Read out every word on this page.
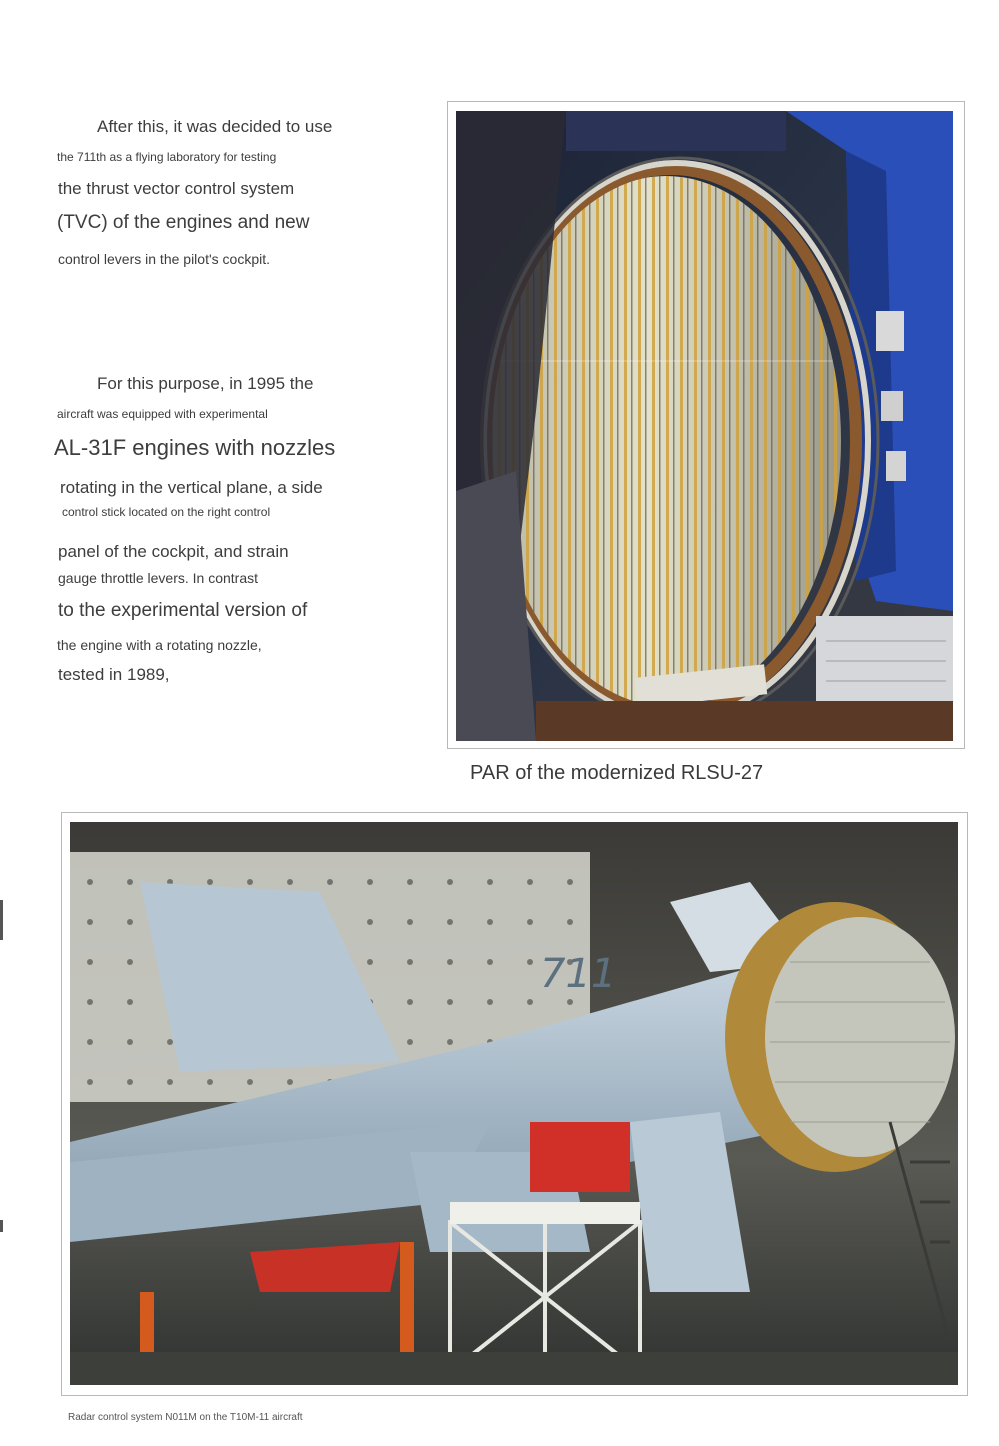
After this, it was decided to use
the 711th as a flying laboratory for testing
the thrust vector control system
(TVC) of the engines and new
control levers in the pilot's cockpit.
For this purpose, in 1995 the
aircraft was equipped with experimental
AL-31F engines with nozzles
rotating in the vertical plane, a side
control stick located on the right control
panel of the cockpit, and strain
gauge throttle levers. In contrast
to the experimental version of
the engine with a rotating nozzle,
tested in 1989,
PAR of the modernized RLSU-27
711
Radar control system N011M on the T10M-11 aircraft
